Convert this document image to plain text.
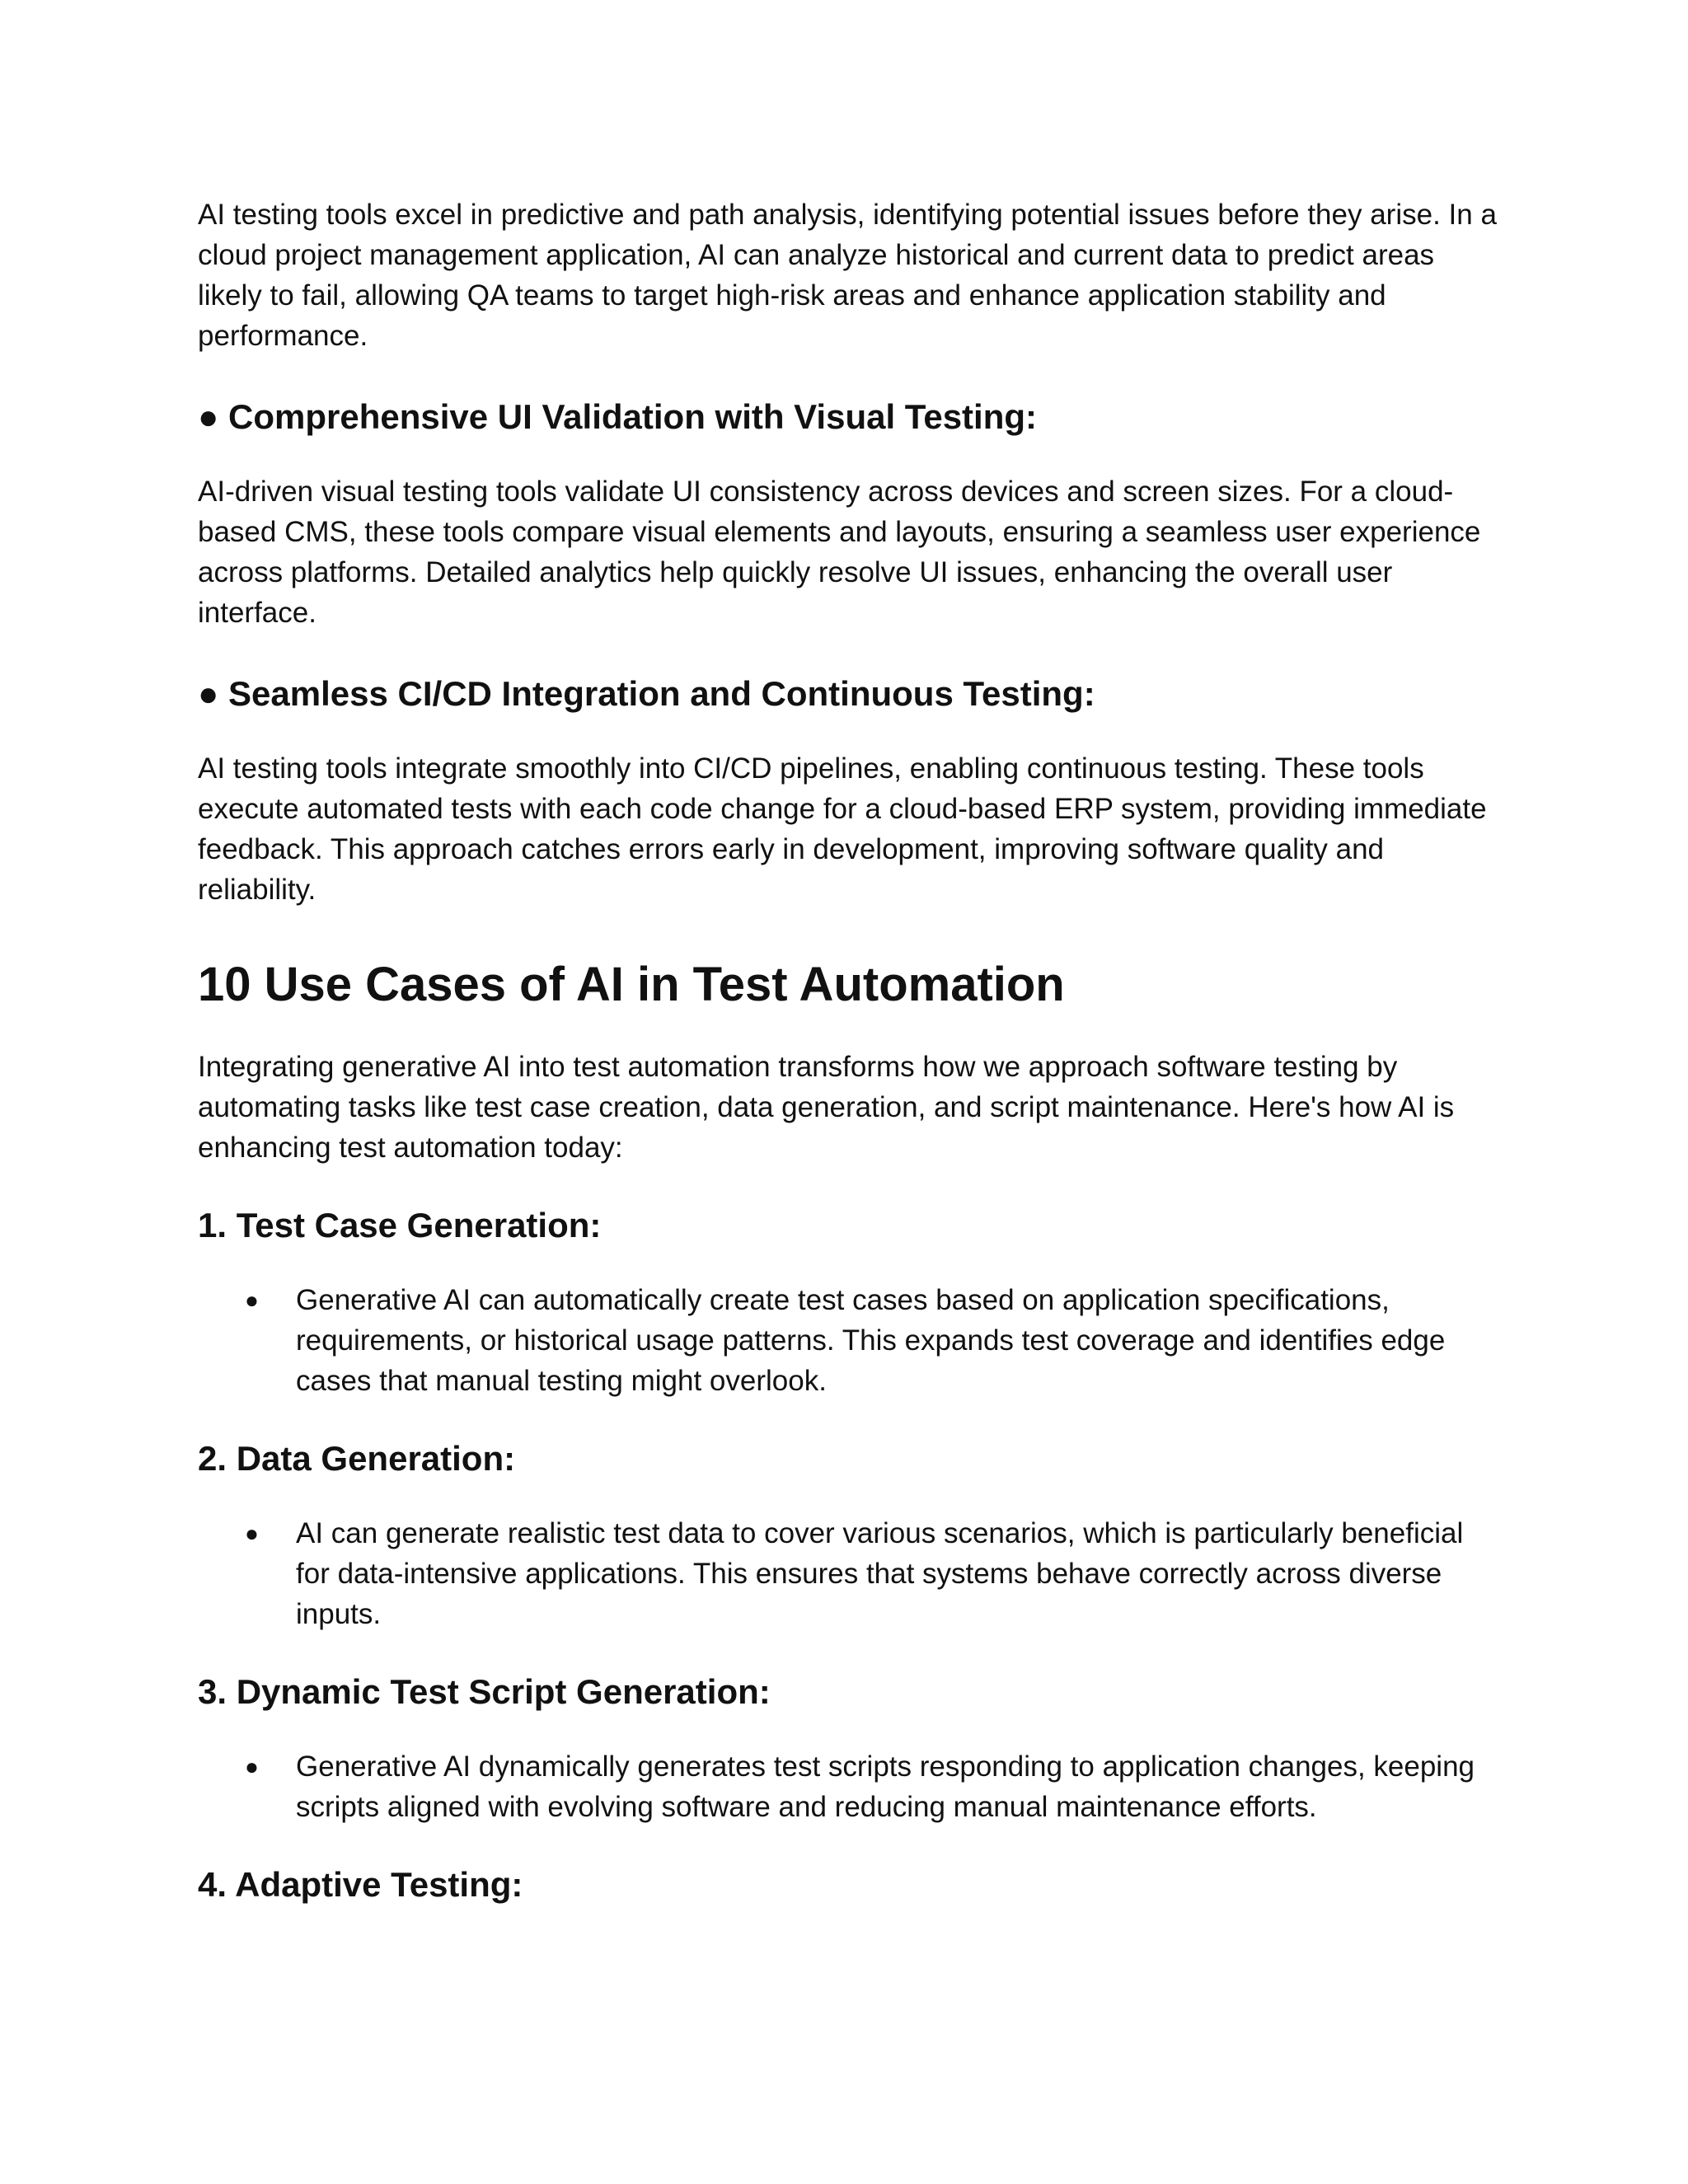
AI testing tools excel in predictive and path analysis, identifying potential issues before they arise. In a cloud project management application, AI can analyze historical and current data to predict areas likely to fail, allowing QA teams to target high-risk areas and enhance application stability and performance.

● Comprehensive UI Validation with Visual Testing:

AI-driven visual testing tools validate UI consistency across devices and screen sizes. For a cloud-based CMS, these tools compare visual elements and layouts, ensuring a seamless user experience across platforms. Detailed analytics help quickly resolve UI issues, enhancing the overall user interface.

● Seamless CI/CD Integration and Continuous Testing:

AI testing tools integrate smoothly into CI/CD pipelines, enabling continuous testing. These tools execute automated tests with each code change for a cloud-based ERP system, providing immediate feedback. This approach catches errors early in development, improving software quality and reliability.

10 Use Cases of AI in Test Automation

Integrating generative AI into test automation transforms how we approach software testing by automating tasks like test case creation, data generation, and script maintenance. Here's how AI is enhancing test automation today:

1. Test Case Generation:

● Generative AI can automatically create test cases based on application specifications, requirements, or historical usage patterns. This expands test coverage and identifies edge cases that manual testing might overlook.

2. Data Generation:

● AI can generate realistic test data to cover various scenarios, which is particularly beneficial for data-intensive applications. This ensures that systems behave correctly across diverse inputs.

3. Dynamic Test Script Generation:

● Generative AI dynamically generates test scripts responding to application changes, keeping scripts aligned with evolving software and reducing manual maintenance efforts.

4. Adaptive Testing:
